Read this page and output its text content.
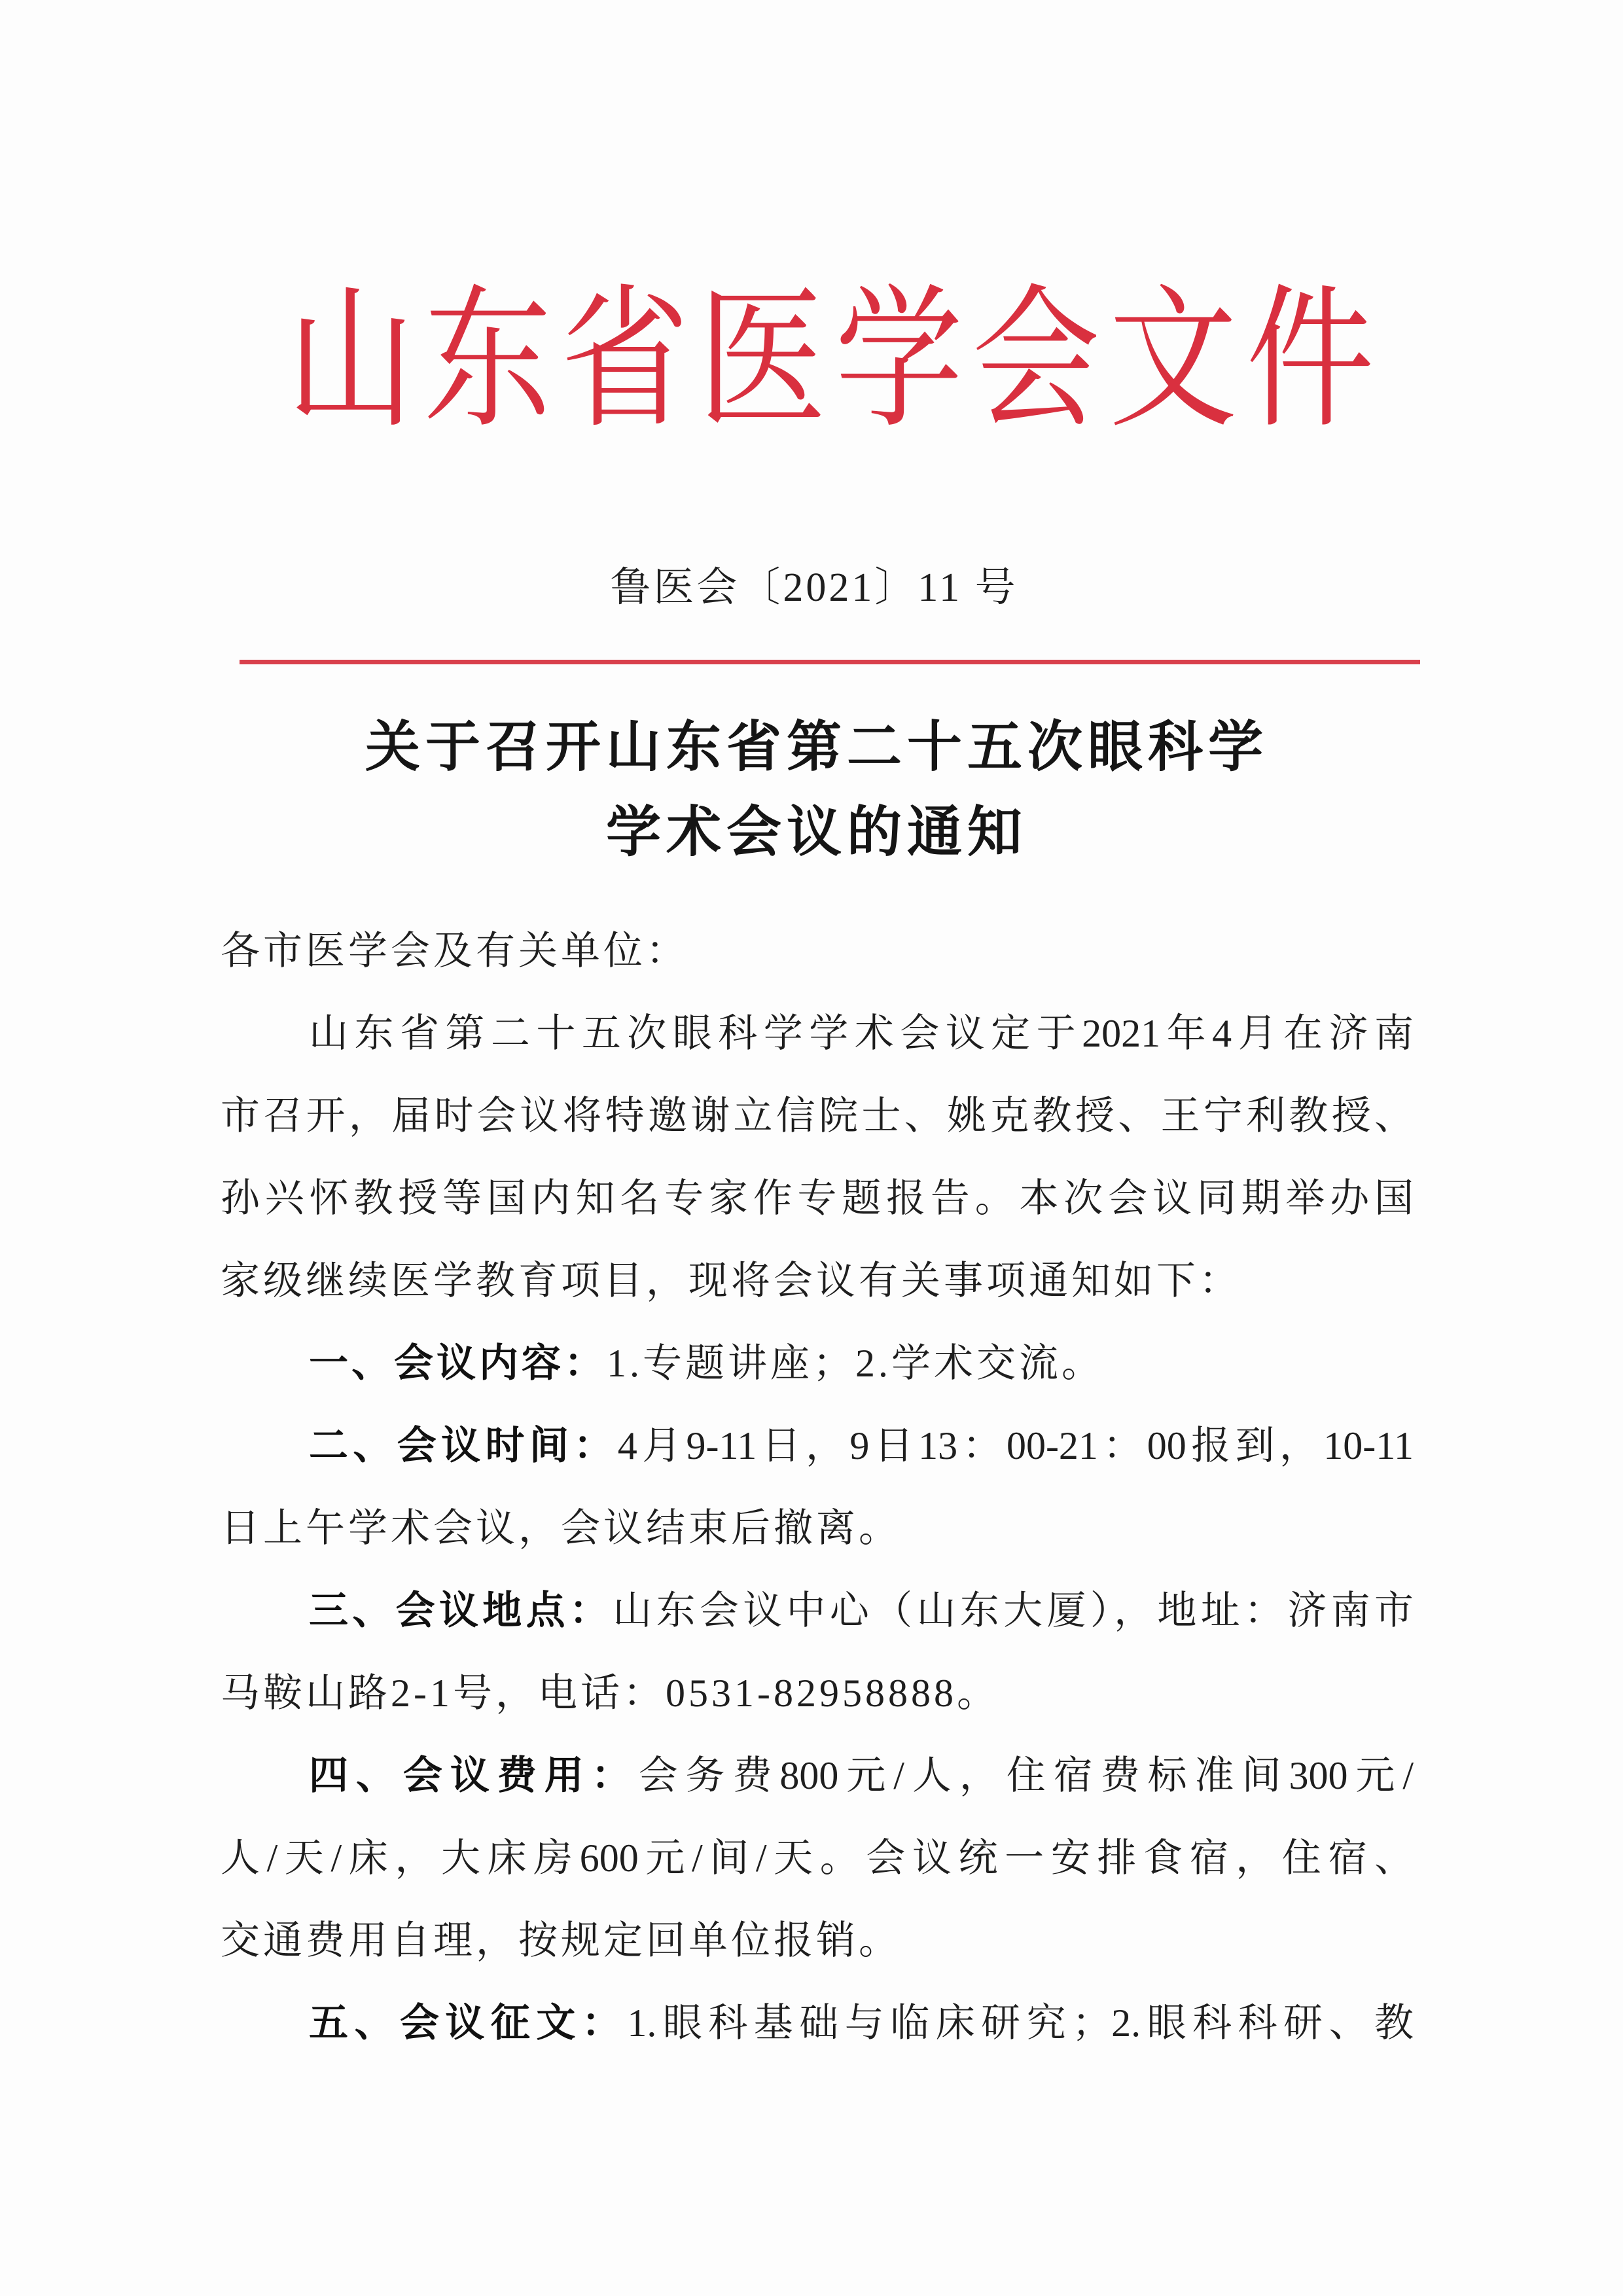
山东省医学会文件
鲁医会〔2021〕11 号
关于召开山东省第二十五次眼科学
学术会议的通知
各市医学会及有关单位：
山东省第二十五次眼科学学术会议定于2021年4月在济南
市召开，届时会议将特邀谢立信院士、姚克教授、王宁利教授、
孙兴怀教授等国内知名专家作专题报告。本次会议同期举办国
家级继续医学教育项目，现将会议有关事项通知如下：
一、会议内容：1.专题讲座；2.学术交流。
二、会议时间：4月9-11日，9日13：00-21：00报到，10-11
日上午学术会议，会议结束后撤离。
三、会议地点：山东会议中心（山东大厦），地址：济南市
马鞍山路2-1号，电话：0531-82958888。
四、会议费用：会务费800元/人，住宿费标准间300元/
人/天/床，大床房600元/间/天。会议统一安排食宿，住宿、
交通费用自理，按规定回单位报销。
五、会议征文：1.眼科基础与临床研究；2.眼科科研、教
